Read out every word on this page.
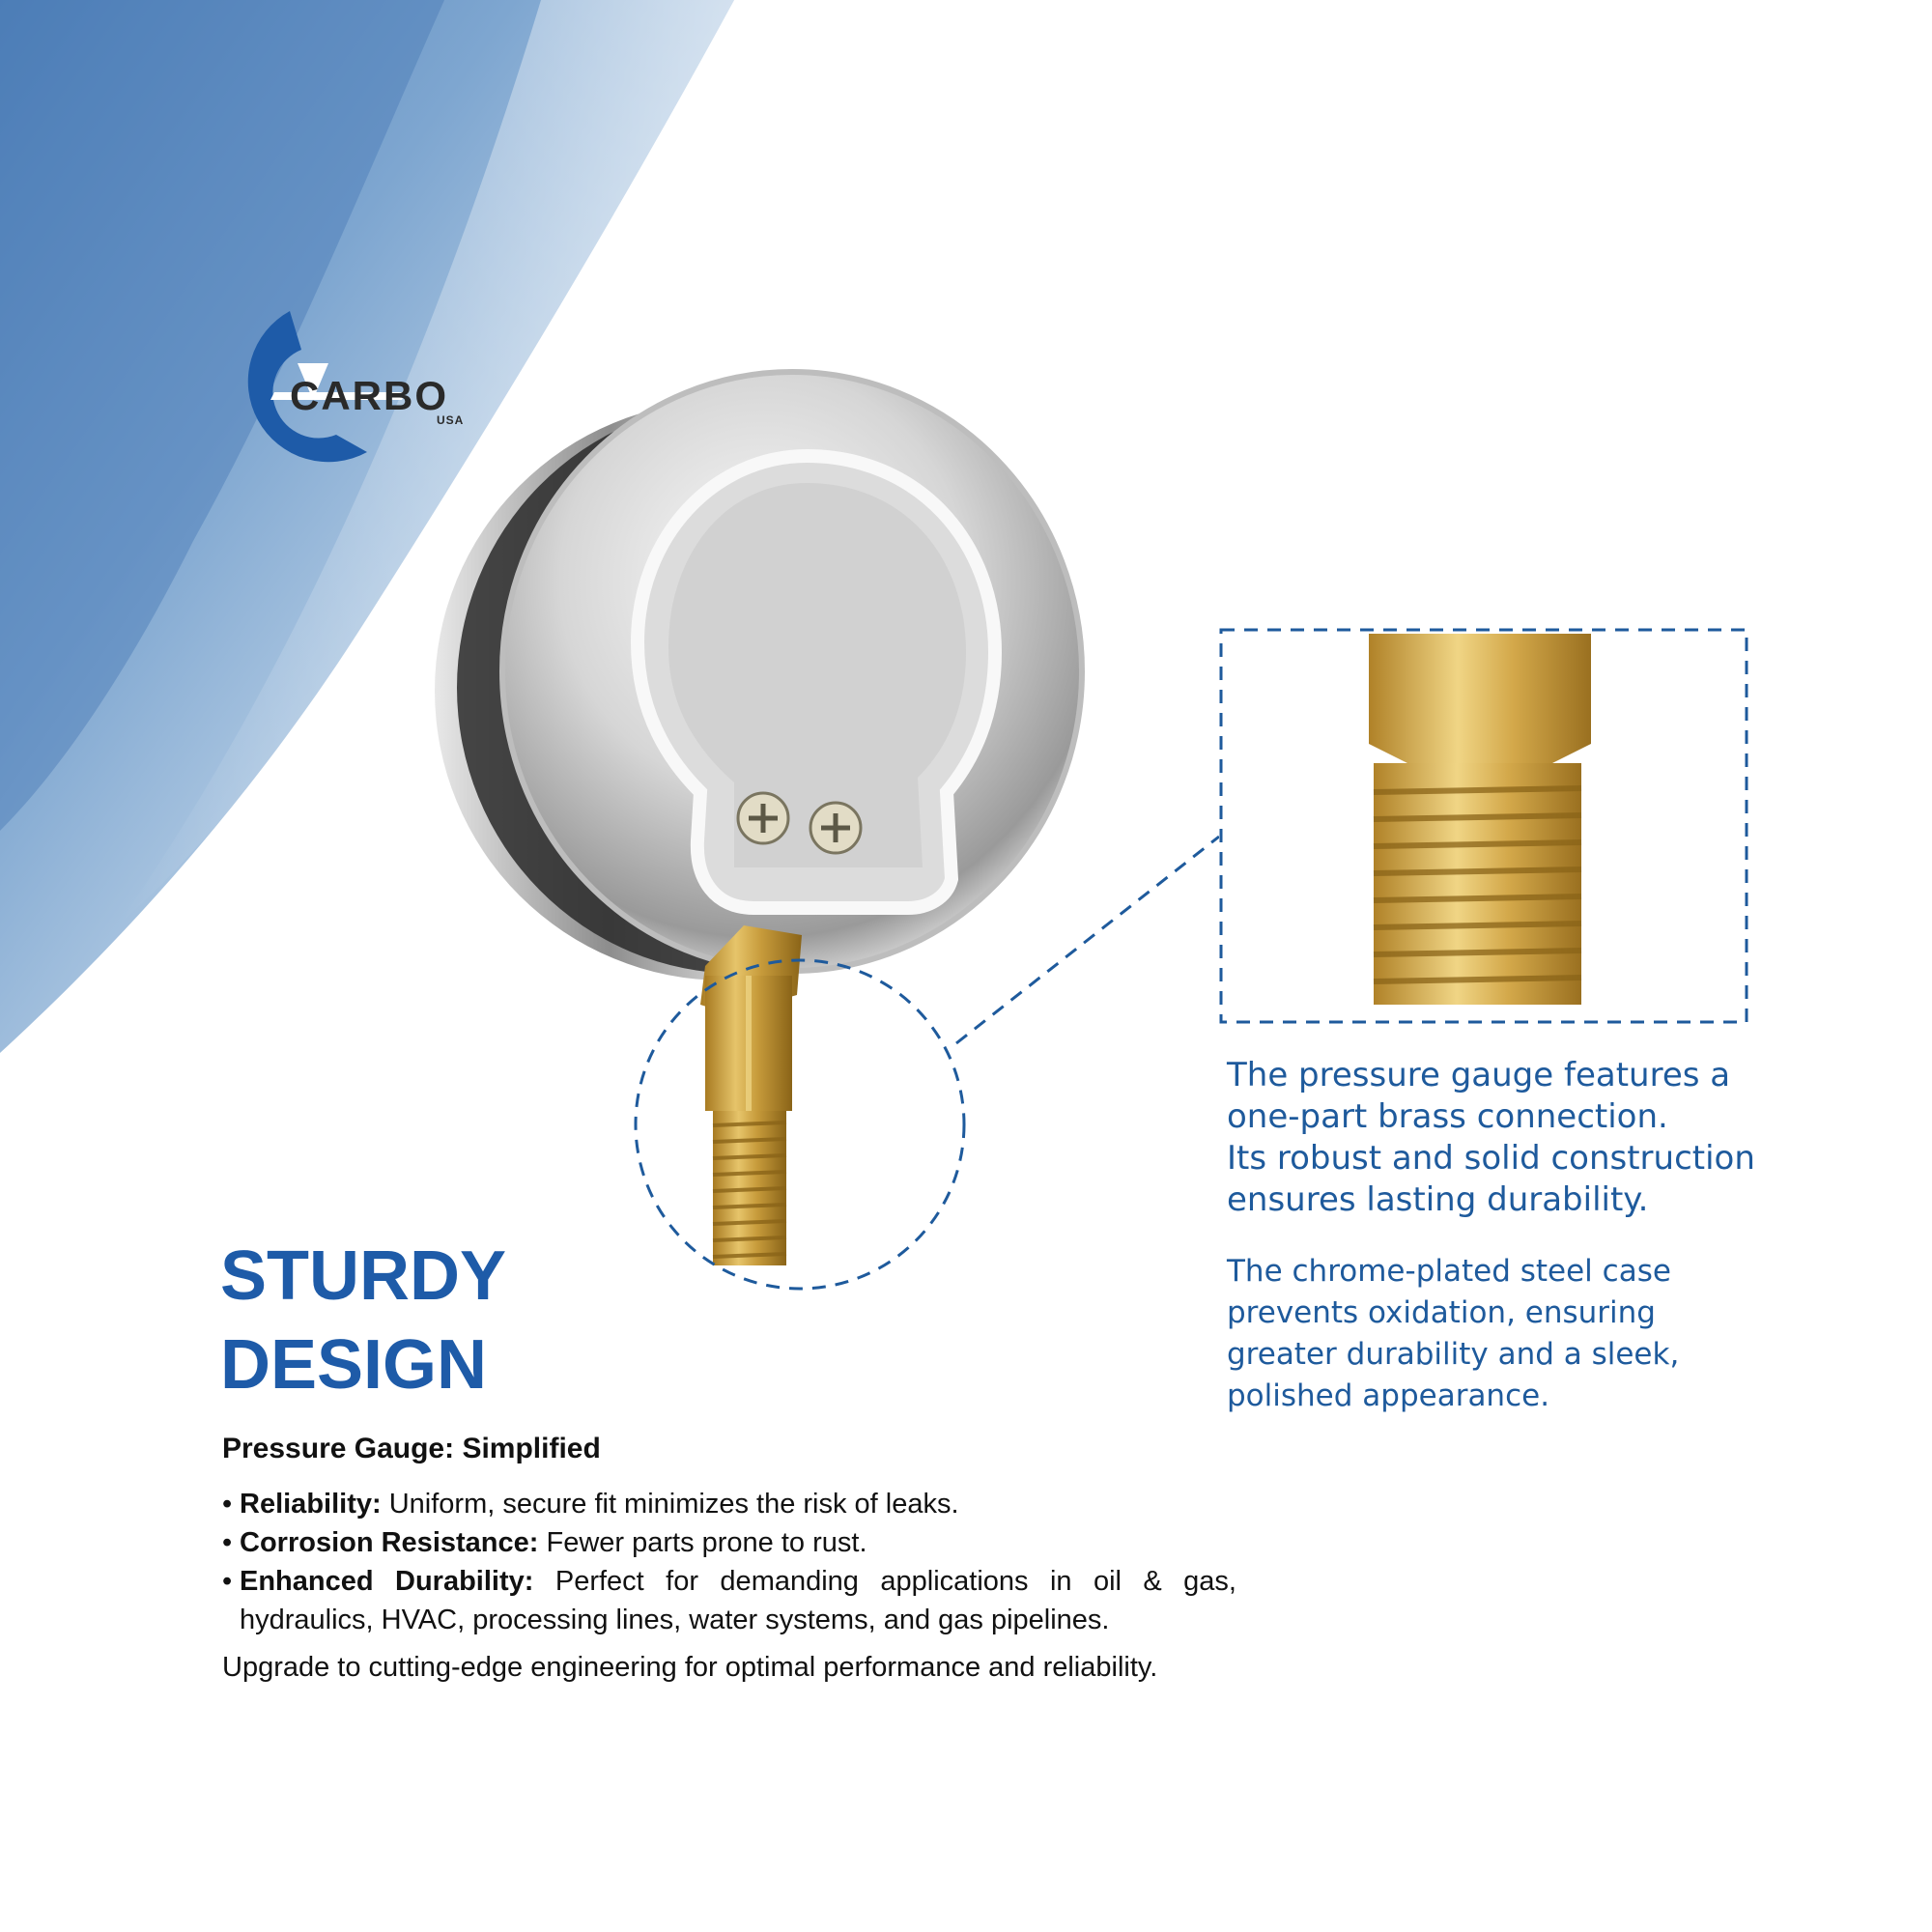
CARBO
USA
The pressure gauge features a
one-part brass connection.
Its robust and solid construction
ensures lasting durability.
The chrome-plated steel case
prevents oxidation, ensuring
greater durability and a sleek,
polished appearance.
STURDY
DESIGN
Pressure Gauge: Simplified
• Reliability: Uniform, secure fit minimizes the risk of leaks.
• Corrosion Resistance: Fewer parts prone to rust.
• Enhanced Durability: Perfect for demanding applications in oil & gas, hydraulics, HVAC, processing lines, water systems, and gas pipelines.
Upgrade to cutting-edge engineering for optimal performance and reliability.
